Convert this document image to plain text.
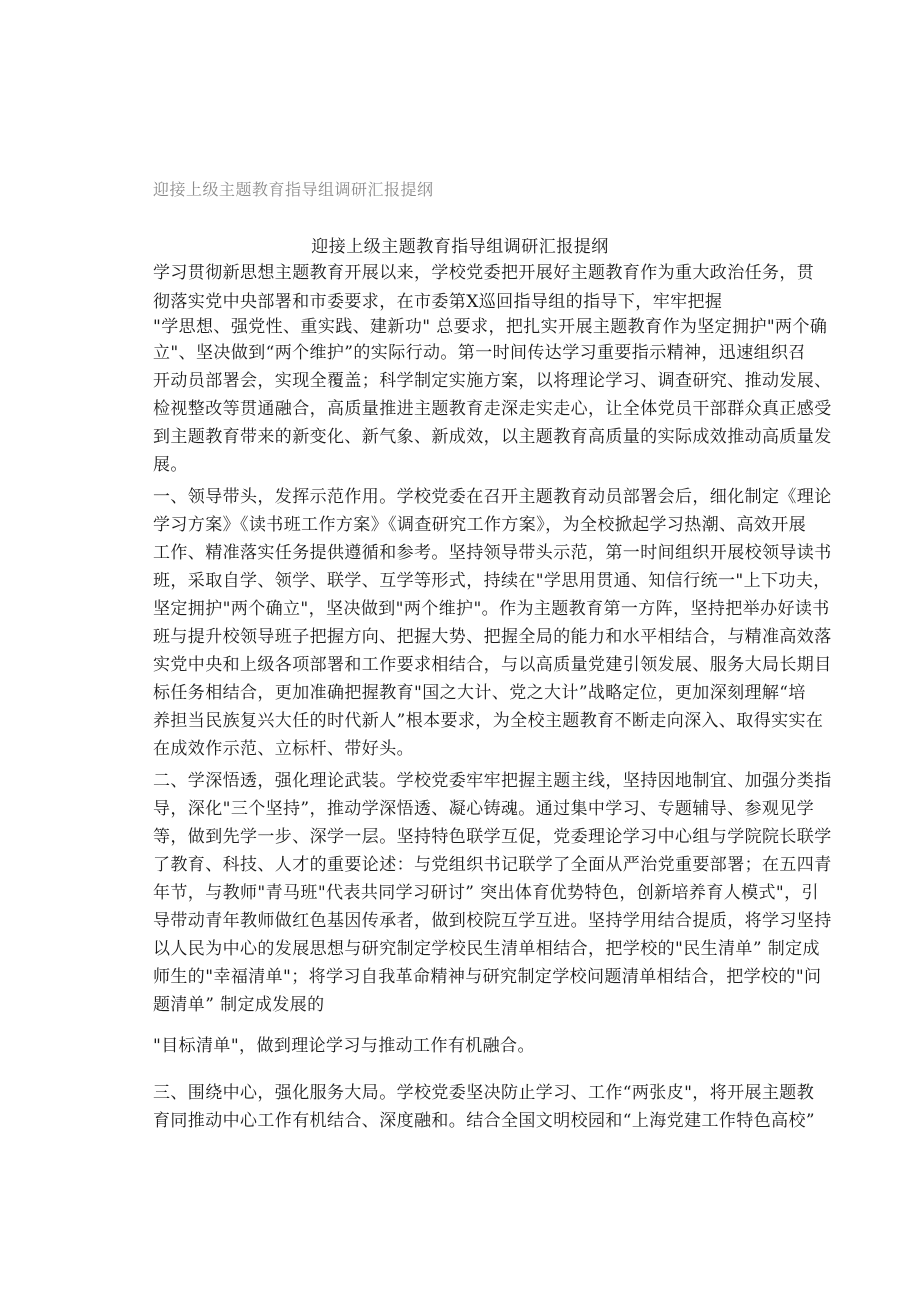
迎接上级主题教育指导组调研汇报提纲
迎接上级主题教育指导组调研汇报提纲
学习贯彻新思想主题教育开展以来，学校党委把开展好主题教育作为重大政治任务，贯
彻落实党中央部署和市委要求，在市委第X巡回指导组的指导下，牢牢把握
"学思想、强党性、重实践、建新功" 总要求，把扎实开展主题教育作为坚定拥护"两个确
立"、坚决做到“两个维护”的实际行动。第一时间传达学习重要指示精神，迅速组织召
开动员部署会，实现全覆盖；科学制定实施方案，以将理论学习、调查研究、推动发展、
检视整改等贯通融合，高质量推进主题教育走深走实走心，让全体党员干部群众真正感受
到主题教育带来的新变化、新气象、新成效，以主题教育高质量的实际成效推动高质量发
展。
一、领导带头，发挥示范作用。学校党委在召开主题教育动员部署会后，细化制定《理论
学习方案》《读书班工作方案》《调查研究工作方案》，为全校掀起学习热潮、高效开展
工作、精准落实任务提供遵循和参考。坚持领导带头示范，第一时间组织开展校领导读书
班，采取自学、领学、联学、互学等形式，持续在"学思用贯通、知信行统一"上下功夫，
坚定拥护"两个确立"，坚决做到"两个维护"。作为主题教育第一方阵，坚持把举办好读书
班与提升校领导班子把握方向、把握大势、把握全局的能力和水平相结合，与精准高效落
实党中央和上级各项部署和工作要求相结合，与以高质量党建引领发展、服务大局长期目
标任务相结合，更加准确把握教育"国之大计、党之大计”战略定位，更加深刻理解“培
养担当民族复兴大任的时代新人”根本要求，为全校主题教育不断走向深入、取得实实在
在成效作示范、立标杆、带好头。
二、学深悟透，强化理论武装。学校党委牢牢把握主题主线，坚持因地制宜、加强分类指
导，深化"三个坚持”，推动学深悟透、凝心铸魂。通过集中学习、专题辅导、参观见学
等，做到先学一步、深学一层。坚持特色联学互促，党委理论学习中心组与学院院长联学
了教育、科技、人才的重要论述：与党组织书记联学了全面从严治党重要部署；在五四青
年节，与教师"青马班"代表共同学习研讨” 突出体育优势特色，创新培养育人模式"，引
导带动青年教师做红色基因传承者，做到校院互学互进。坚持学用结合提质，将学习坚持
以人民为中心的发展思想与研究制定学校民生清单相结合，把学校的"民生清单” 制定成
师生的"幸福清单"；将学习自我革命精神与研究制定学校问题清单相结合，把学校的"问
题清单” 制定成发展的
"目标清单"，做到理论学习与推动工作有机融合。
三、围绕中心，强化服务大局。学校党委坚决防止学习、工作“两张皮"，将开展主题教
育同推动中心工作有机结合、深度融和。结合全国文明校园和“上海党建工作特色高校”
